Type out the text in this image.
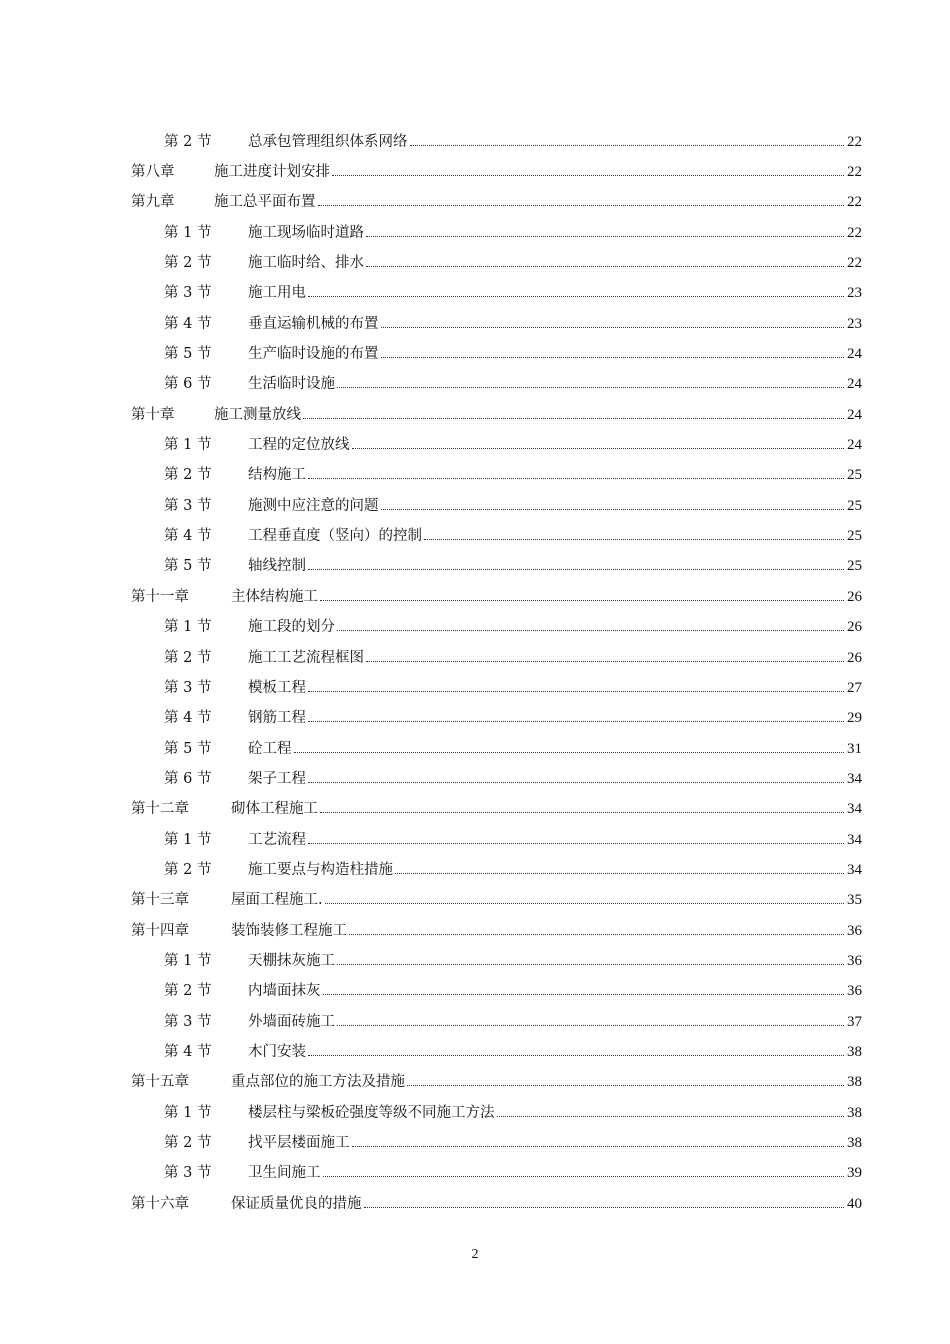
第 2 节	总承包管理组织体系网络	22
第八章	施工进度计划安排	22
第九章	施工总平面布置	22
第 1 节	施工现场临时道路	22
第 2 节	施工临时给、排水	22
第 3 节	施工用电	23
第 4 节	垂直运输机械的布置	23
第 5 节	生产临时设施的布置	24
第 6 节	生活临时设施	24
第十章	施工测量放线	24
第 1 节	工程的定位放线	24
第 2 节	结构施工	25
第 3 节	施测中应注意的问题	25
第 4 节	工程垂直度（竖向）的控制	25
第 5 节	轴线控制	25
第十一章	主体结构施工	26
第 1 节	施工段的划分	26
第 2 节	施工工艺流程框图	26
第 3 节	模板工程	27
第 4 节	钢筋工程	29
第 5 节	砼工程	31
第 6 节	架子工程	34
第十二章	砌体工程施工	34
第 1 节	工艺流程	34
第 2 节	施工要点与构造柱措施	34
第十三章	屋面工程施工.	35
第十四章	装饰装修工程施工	36
第 1 节	天棚抹灰施工	36
第 2 节	内墙面抹灰	36
第 3 节	外墙面砖施工	37
第 4 节	木门安装	38
第十五章	重点部位的施工方法及措施	38
第 1 节	楼层柱与梁板砼强度等级不同施工方法	38
第 2 节	找平层楼面施工	38
第 3 节	卫生间施工	39
第十六章	保证质量优良的措施	40
2
